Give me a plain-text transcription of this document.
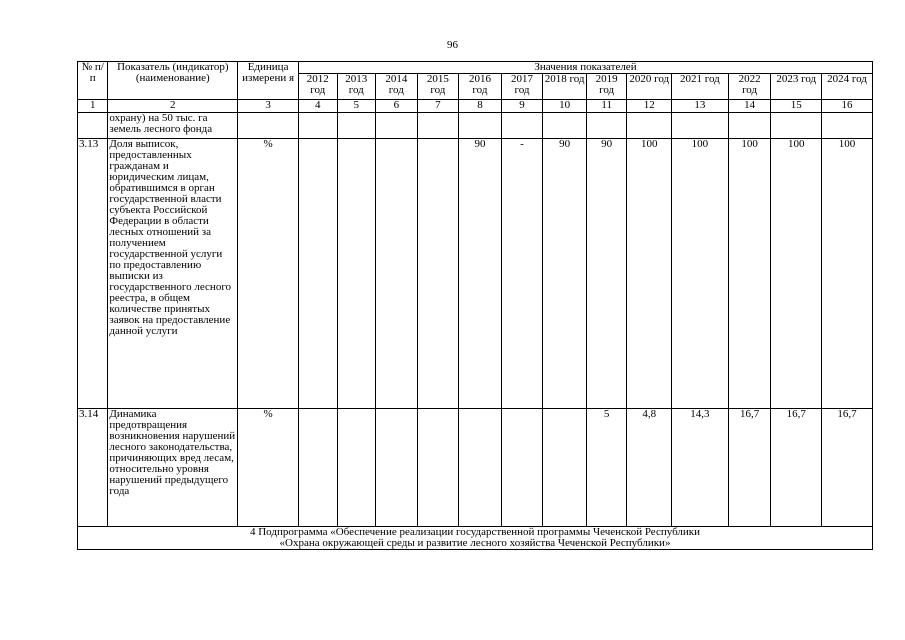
96
№ п/п	Показатель (индикатор) (наименование)	Единица измерени я	Значения показателей												
			2012 год	2013 год	2014 год	2015 год	2016 год	2017 год	2018 год	2019 год	2020 год	2021 год	2022 год	2023 год	2024 год
1	2	3	4	5	6	7	8	9	10	11	12	13	14	15	16
	охрану) на 50 тыс. га земель лесного фонда														
3.13	Доля выписок, предоставленных гражданам и юридическим лицам, обратившимся в орган государственной власти субъекта Российской Федерации в области лесных отношений за получением государственной услуги по предоставлению выписки из государственного лесного реестра, в общем количестве принятых заявок на предоставление данной услуги	%					90	-	90	90	100	100	100	100	100
3.14	Динамика предотвращения возникновения нарушений лесного законодательства, причиняющих вред лесам, относительно уровня нарушений предыдущего года	%								5	4,8	14,3	16,7	16,7	16,7

4 Подпрограмма «Обеспечение реализации государственной программы Чеченской Республики
«Охрана окружающей среды и развитие лесного хозяйства Чеченской Республики»															
